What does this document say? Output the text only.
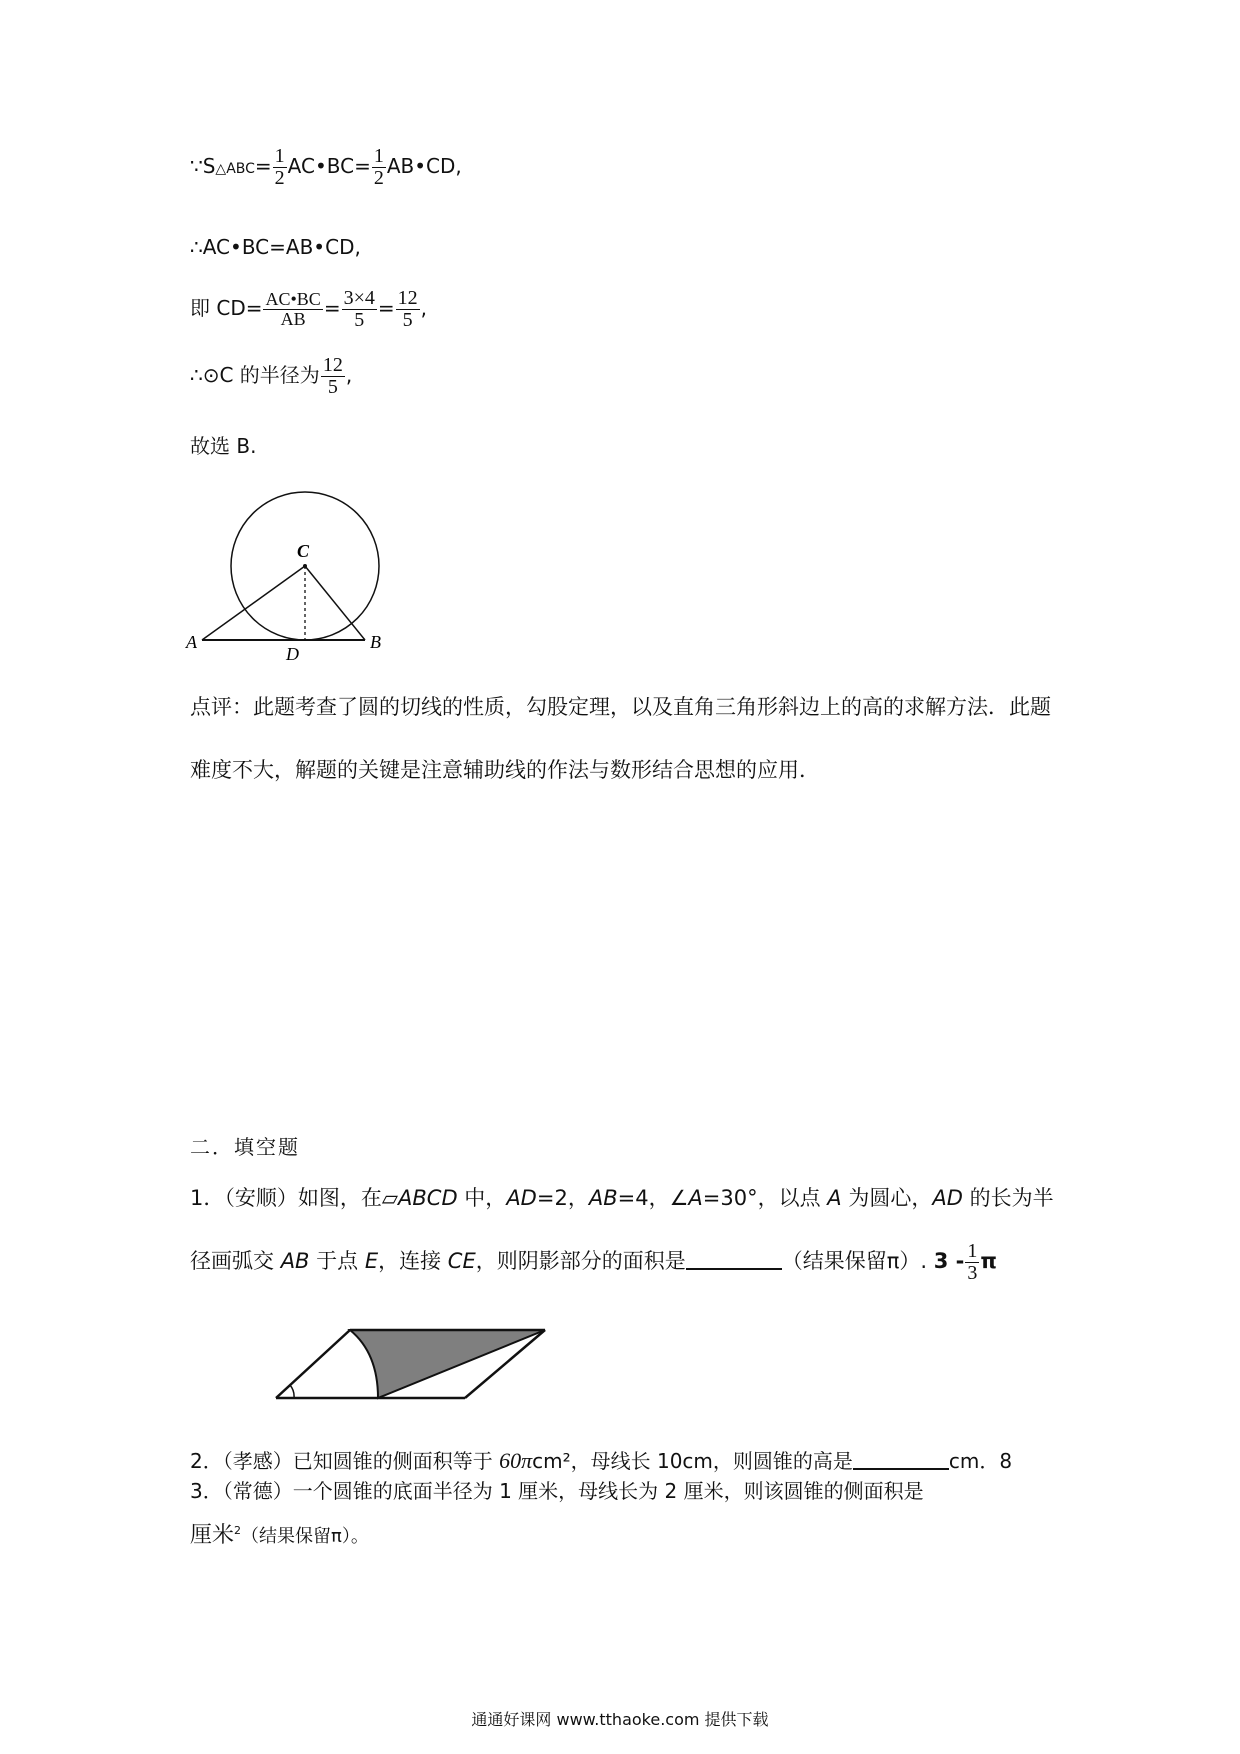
∵S△ABC= $\frac{1}{2}$ AC•BC= $\frac{1}{2}$ AB•CD,
∴AC•BC=AB•CD,
即 $CD= \frac{AC•BC}{AB} = \frac{3\times 4}{5} = \frac{12}{5}$ ,
∴⊙C 的半径为 $\frac{12}{5}$ ,
故选 B.
C
A
D
B
点评：此题考查了圆的切线的性质，勾股定理，以及直角三角形斜边上的高的求解方法．此题难度不大，解题的关键是注意辅助线的作法与数形结合思想的应用．
二．填空题
1．（安顺）如图，在▱ABCD 中，AD=2，AB=4，∠A=30°，以点 A 为圆心，AD 的长为半径画弧交 AB 于点 E，连接 CE，则阴影部分的面积是	（结果保留π）. $3 - \frac{1}{3}$ π
2．（孝感）已知圆锥的侧面积等于 60πcm²，母线长 10cm，则圆锥的高是	cm．8
3．（常德）一个圆锥的底面半径为 1 厘米，母线长为 2 厘米，则该圆锥的侧面积是
厘米$^2$（结果保留π）。
通通好课网 www.tthaoke.com 提供下载
